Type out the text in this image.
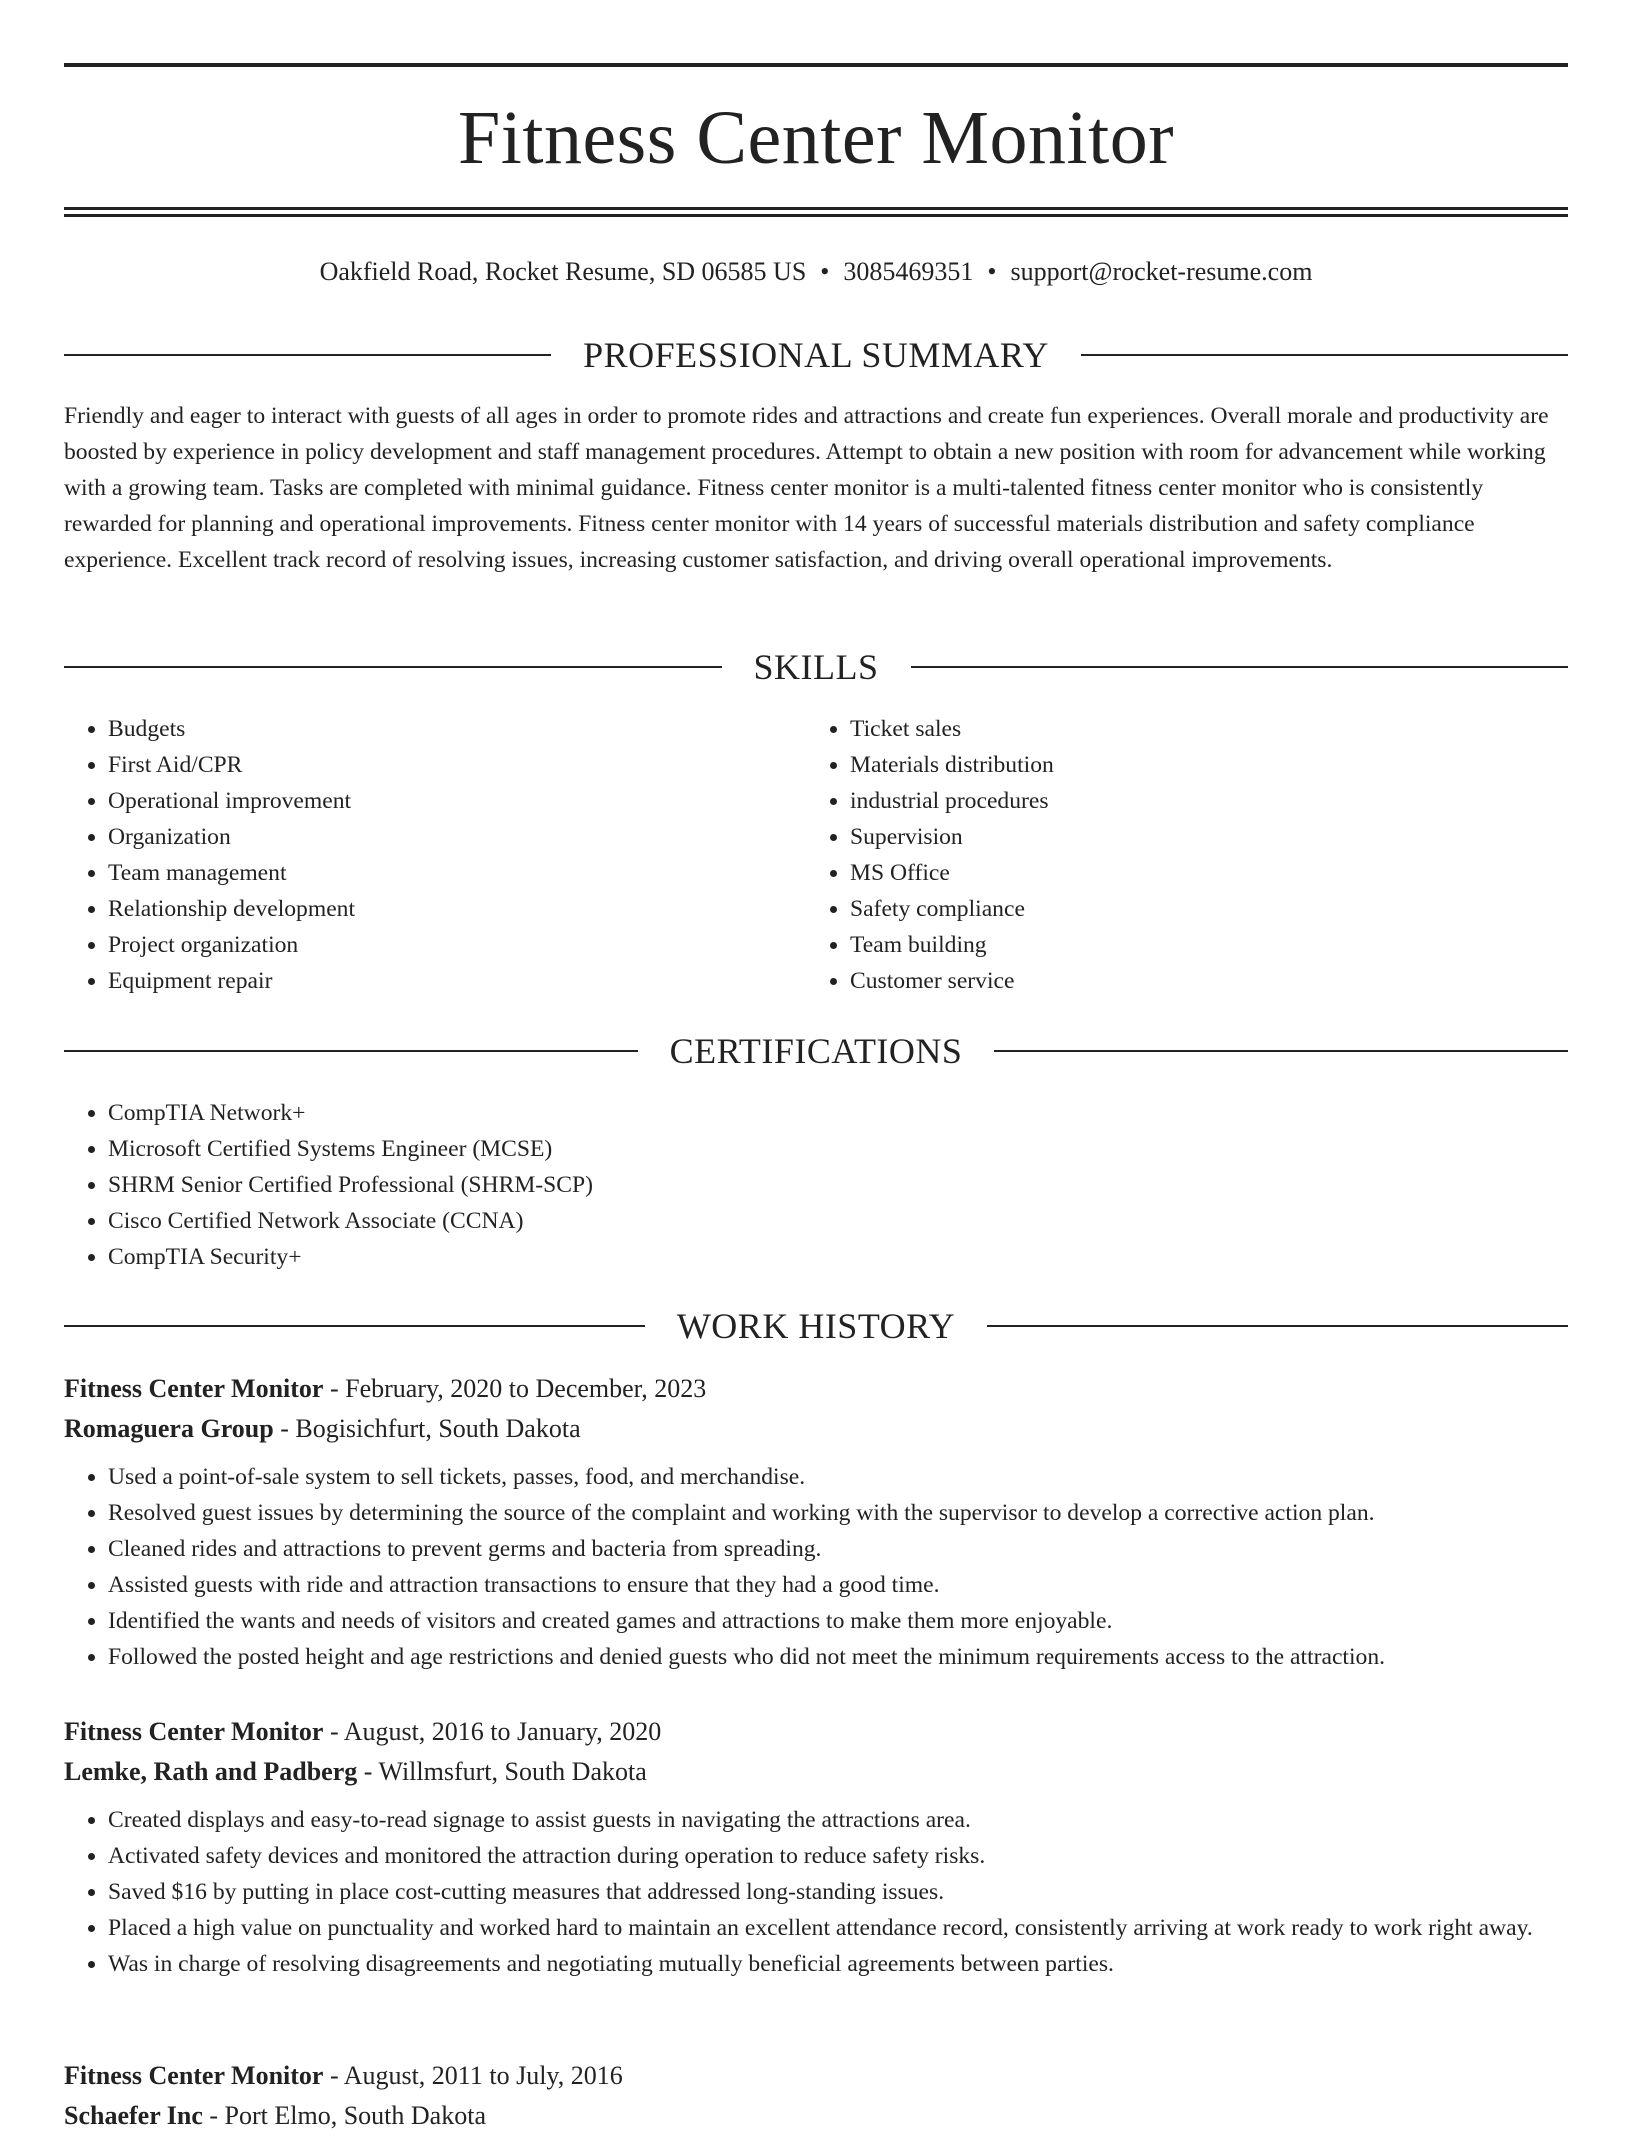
Fitness Center Monitor
Oakfield Road, Rocket Resume, SD 06585 US • 3085469351 • support@rocket-resume.com
PROFESSIONAL SUMMARY
Friendly and eager to interact with guests of all ages in order to promote rides and attractions and create fun experiences. Overall morale and productivity are boosted by experience in policy development and staff management procedures. Attempt to obtain a new position with room for advancement while working with a growing team. Tasks are completed with minimal guidance. Fitness center monitor is a multi-talented fitness center monitor who is consistently rewarded for planning and operational improvements. Fitness center monitor with 14 years of successful materials distribution and safety compliance experience. Excellent track record of resolving issues, increasing customer satisfaction, and driving overall operational improvements.
SKILLS
• Budgets
• First Aid/CPR
• Operational improvement
• Organization
• Team management
• Relationship development
• Project organization
• Equipment repair
• Ticket sales
• Materials distribution
• industrial procedures
• Supervision
• MS Office
• Safety compliance
• Team building
• Customer service
CERTIFICATIONS
• CompTIA Network+
• Microsoft Certified Systems Engineer (MCSE)
• SHRM Senior Certified Professional (SHRM-SCP)
• Cisco Certified Network Associate (CCNA)
• CompTIA Security+
WORK HISTORY
Fitness Center Monitor - February, 2020 to December, 2023
Romaguera Group - Bogisichfurt, South Dakota
• Used a point-of-sale system to sell tickets, passes, food, and merchandise.
• Resolved guest issues by determining the source of the complaint and working with the supervisor to develop a corrective action plan.
• Cleaned rides and attractions to prevent germs and bacteria from spreading.
• Assisted guests with ride and attraction transactions to ensure that they had a good time.
• Identified the wants and needs of visitors and created games and attractions to make them more enjoyable.
• Followed the posted height and age restrictions and denied guests who did not meet the minimum requirements access to the attraction.
Fitness Center Monitor - August, 2016 to January, 2020
Lemke, Rath and Padberg - Willmsfurt, South Dakota
• Created displays and easy-to-read signage to assist guests in navigating the attractions area.
• Activated safety devices and monitored the attraction during operation to reduce safety risks.
• Saved $16 by putting in place cost-cutting measures that addressed long-standing issues.
• Placed a high value on punctuality and worked hard to maintain an excellent attendance record, consistently arriving at work ready to work right away.
• Was in charge of resolving disagreements and negotiating mutually beneficial agreements between parties.
Fitness Center Monitor - August, 2011 to July, 2016
Schaefer Inc - Port Elmo, South Dakota
